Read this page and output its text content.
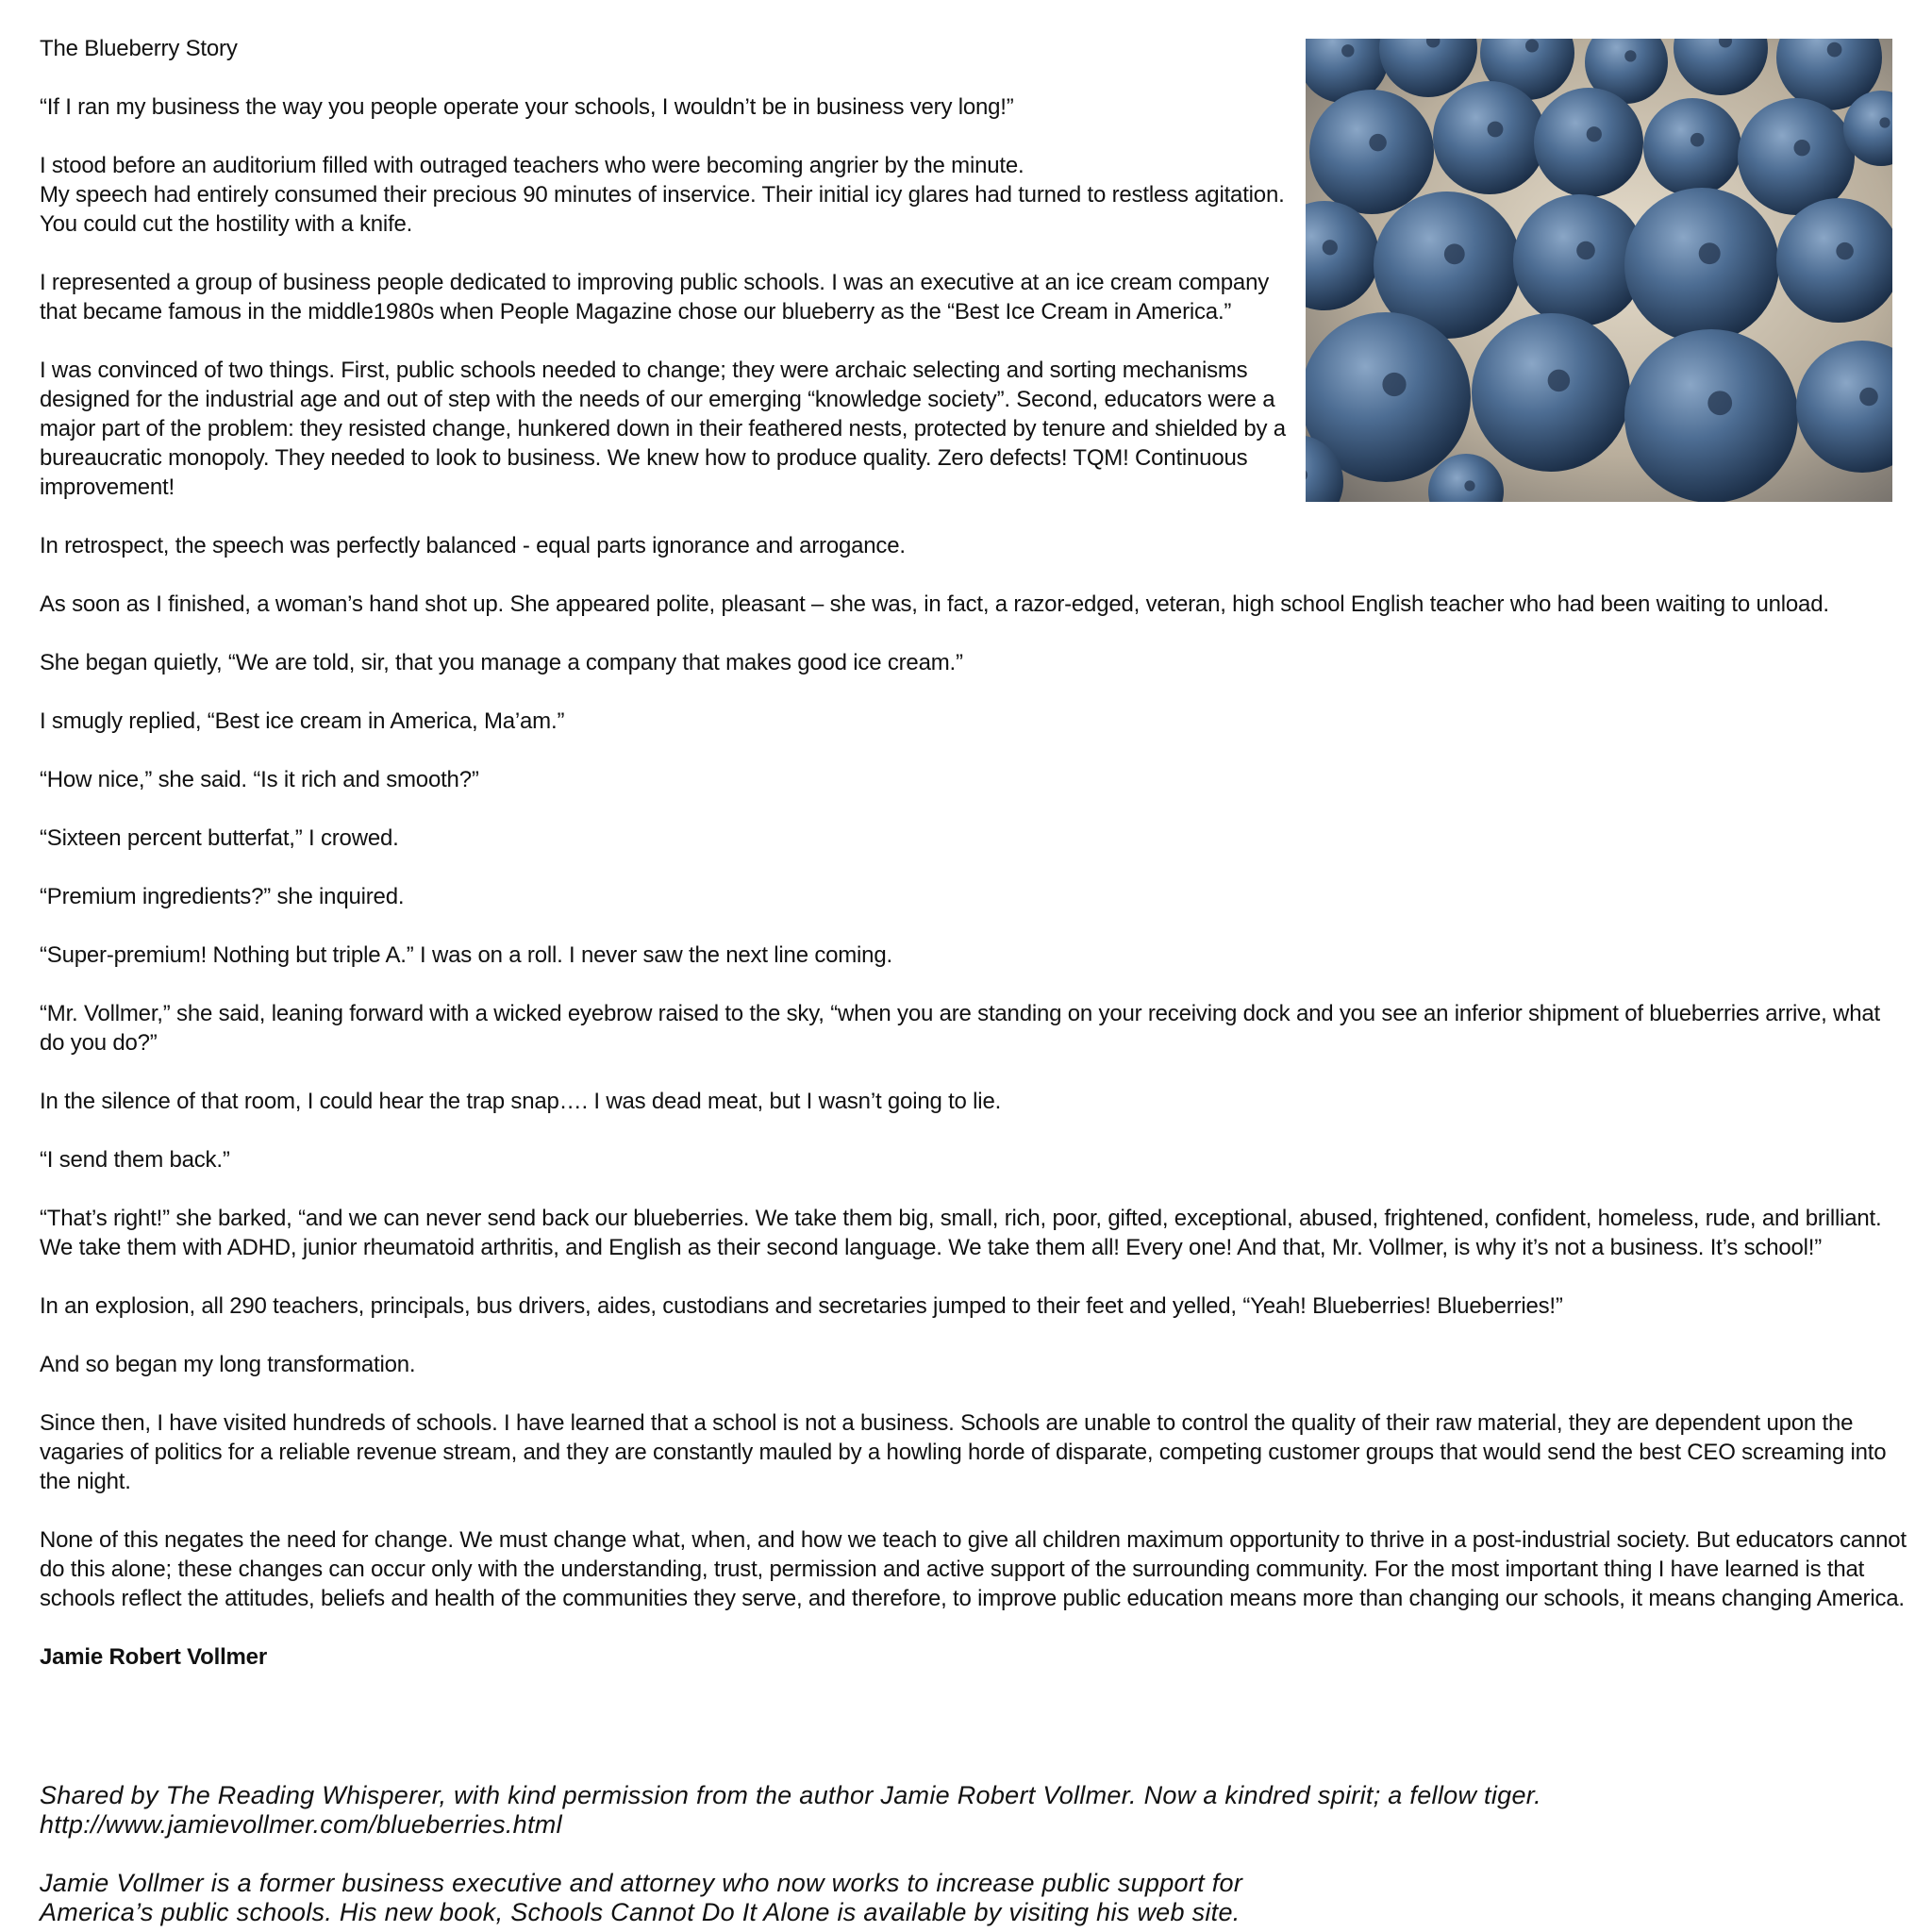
The Blueberry Story

“If I ran my business the way you people operate your schools, I wouldn’t be in business very long!”

I stood before an auditorium filled with outraged teachers who were becoming angrier by the minute.

My speech had entirely consumed their precious 90 minutes of inservice. Their initial icy glares had turned to restless agitation. You could cut the hostility with a knife.

I represented a group of business people dedicated to improving public schools. I was an executive at an ice cream company that became famous in the middle1980s when People Magazine chose our blueberry as the “Best Ice Cream in America.”

I was convinced of two things. First, public schools needed to change; they were archaic selecting and sorting mechanisms designed for the industrial age and out of step with the needs of our emerging “knowledge society”. Second, educators were a major part of the problem: they resisted change, hunkered down in their feathered nests, protected by tenure and shielded by a bureaucratic monopoly. They needed to look to business. We knew how to produce quality. Zero defects! TQM! Continuous improvement!

In retrospect, the speech was perfectly balanced - equal parts ignorance and arrogance.

As soon as I finished, a woman’s hand shot up. She appeared polite, pleasant – she was, in fact, a razor-edged, veteran, high school English teacher who had been waiting to unload.

She began quietly, “We are told, sir, that you manage a company that makes good ice cream.”

I smugly replied, “Best ice cream in America, Ma’am.”

“How nice,” she said. “Is it rich and smooth?”

“Sixteen percent butterfat,” I crowed.

“Premium ingredients?” she inquired.

“Super-premium! Nothing but triple A.” I was on a roll. I never saw the next line coming.

“Mr. Vollmer,” she said, leaning forward with a wicked eyebrow raised to the sky, “when you are standing on your receiving dock and you see an inferior shipment of blueberries arrive, what do you do?”

In the silence of that room, I could hear the trap snap…. I was dead meat, but I wasn’t going to lie.

“I send them back.”

“That’s right!” she barked, “and we can never send back our blueberries. We take them big, small, rich, poor, gifted, exceptional, abused, frightened, confident, homeless, rude, and brilliant. We take them with ADHD, junior rheumatoid arthritis, and English as their second language. We take them all! Every one! And that, Mr. Vollmer, is why it’s not a business. It’s school!”

In an explosion, all 290 teachers, principals, bus drivers, aides, custodians and secretaries jumped to their feet and yelled, “Yeah! Blueberries! Blueberries!”

And so began my long transformation.

Since then, I have visited hundreds of schools. I have learned that a school is not a business. Schools are unable to control the quality of their raw material, they are dependent upon the vagaries of politics for a reliable revenue stream, and they are constantly mauled by a howling horde of disparate, competing customer groups that would send the best CEO screaming into the night.

None of this negates the need for change. We must change what, when, and how we teach to give all children maximum opportunity to thrive in a post-industrial society. But educators cannot do this alone; these changes can occur only with the understanding, trust, permission and active support of the surrounding community. For the most important thing I have learned is that schools reflect the attitudes, beliefs and health of the communities they serve, and therefore, to improve public education means more than changing our schools, it means changing America.

Jamie Robert Vollmer

Shared by The Reading Whisperer, with kind permission from the author Jamie Robert Vollmer. Now a kindred spirit; a fellow tiger.

http://www.jamievollmer.com/blueberries.html

Jamie Vollmer is a former business executive and attorney who now works to increase public support for

America’s public schools. His new book, Schools Cannot Do It Alone is available by visiting his web site.
